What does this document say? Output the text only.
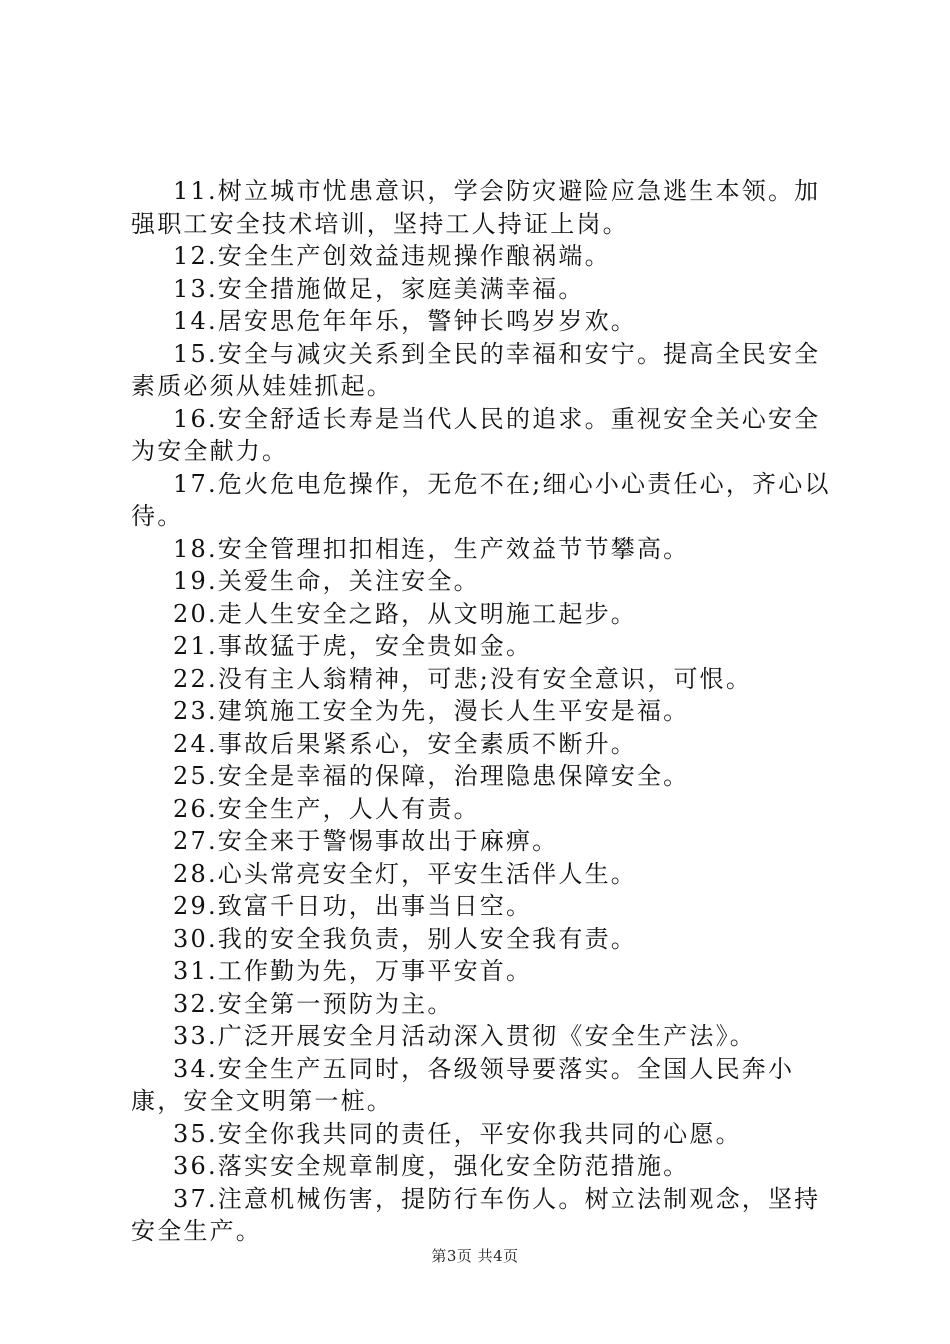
11.树立城市忧患意识，学会防灾避险应急逃生本领。加强职工安全技术培训，坚持工人持证上岗。

12.安全生产创效益违规操作酿祸端。

13.安全措施做足，家庭美满幸福。

14.居安思危年年乐，警钟长鸣岁岁欢。

15.安全与减灾关系到全民的幸福和安宁。提高全民安全素质必须从娃娃抓起。

16.安全舒适长寿是当代人民的追求。重视安全关心安全为安全献力。

17.危火危电危操作，无危不在;细心小心责任心，齐心以待。

18.安全管理扣扣相连，生产效益节节攀高。

19.关爱生命，关注安全。

20.走人生安全之路，从文明施工起步。

21.事故猛于虎，安全贵如金。

22.没有主人翁精神，可悲;没有安全意识，可恨。

23.建筑施工安全为先，漫长人生平安是福。

24.事故后果紧系心，安全素质不断升。

25.安全是幸福的保障，治理隐患保障安全。

26.安全生产，人人有责。

27.安全来于警惕事故出于麻痹。

28.心头常亮安全灯，平安生活伴人生。

29.致富千日功，出事当日空。

30.我的安全我负责，别人安全我有责。

31.工作勤为先，万事平安首。

32.安全第一预防为主。

33.广泛开展安全月活动深入贯彻《安全生产法》。

34.安全生产五同时，各级领导要落实。全国人民奔小康，安全文明第一桩。

35.安全你我共同的责任，平安你我共同的心愿。

36.落实安全规章制度，强化安全防范措施。

37.注意机械伤害，提防行车伤人。树立法制观念，坚持安全生产。

第3页 共4页
